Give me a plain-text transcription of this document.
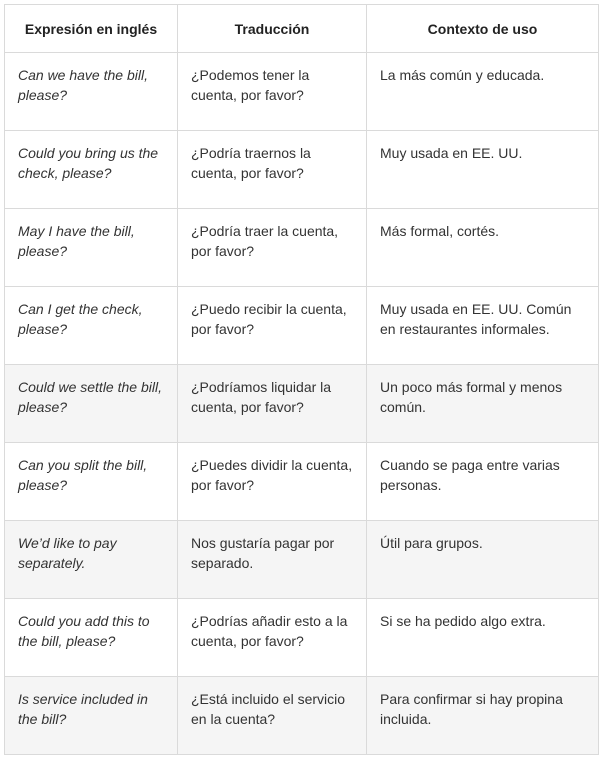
Expresión en inglés	Traducción	Contexto de uso
Can we have the bill, please?	¿Podemos tener la cuenta, por favor?	La más común y educada.
Could you bring us the check, please?	¿Podría traernos la cuenta, por favor?	Muy usada en EE. UU.
May I have the bill, please?	¿Podría traer la cuenta, por favor?	Más formal, cortés.
Can I get the check, please?	¿Puedo recibir la cuenta, por favor?	Muy usada en EE. UU. Común en restaurantes informales.
Could we settle the bill, please?	¿Podríamos liquidar la cuenta, por favor?	Un poco más formal y menos común.
Can you split the bill, please?	¿Puedes dividir la cuenta, por favor?	Cuando se paga entre varias personas.
We’d like to pay separately.	Nos gustaría pagar por separado.	Útil para grupos.
Could you add this to the bill, please?	¿Podrías añadir esto a la cuenta, por favor?	Si se ha pedido algo extra.
Is service included in the bill?	¿Está incluido el servicio en la cuenta?	Para confirmar si hay propina incluida.
